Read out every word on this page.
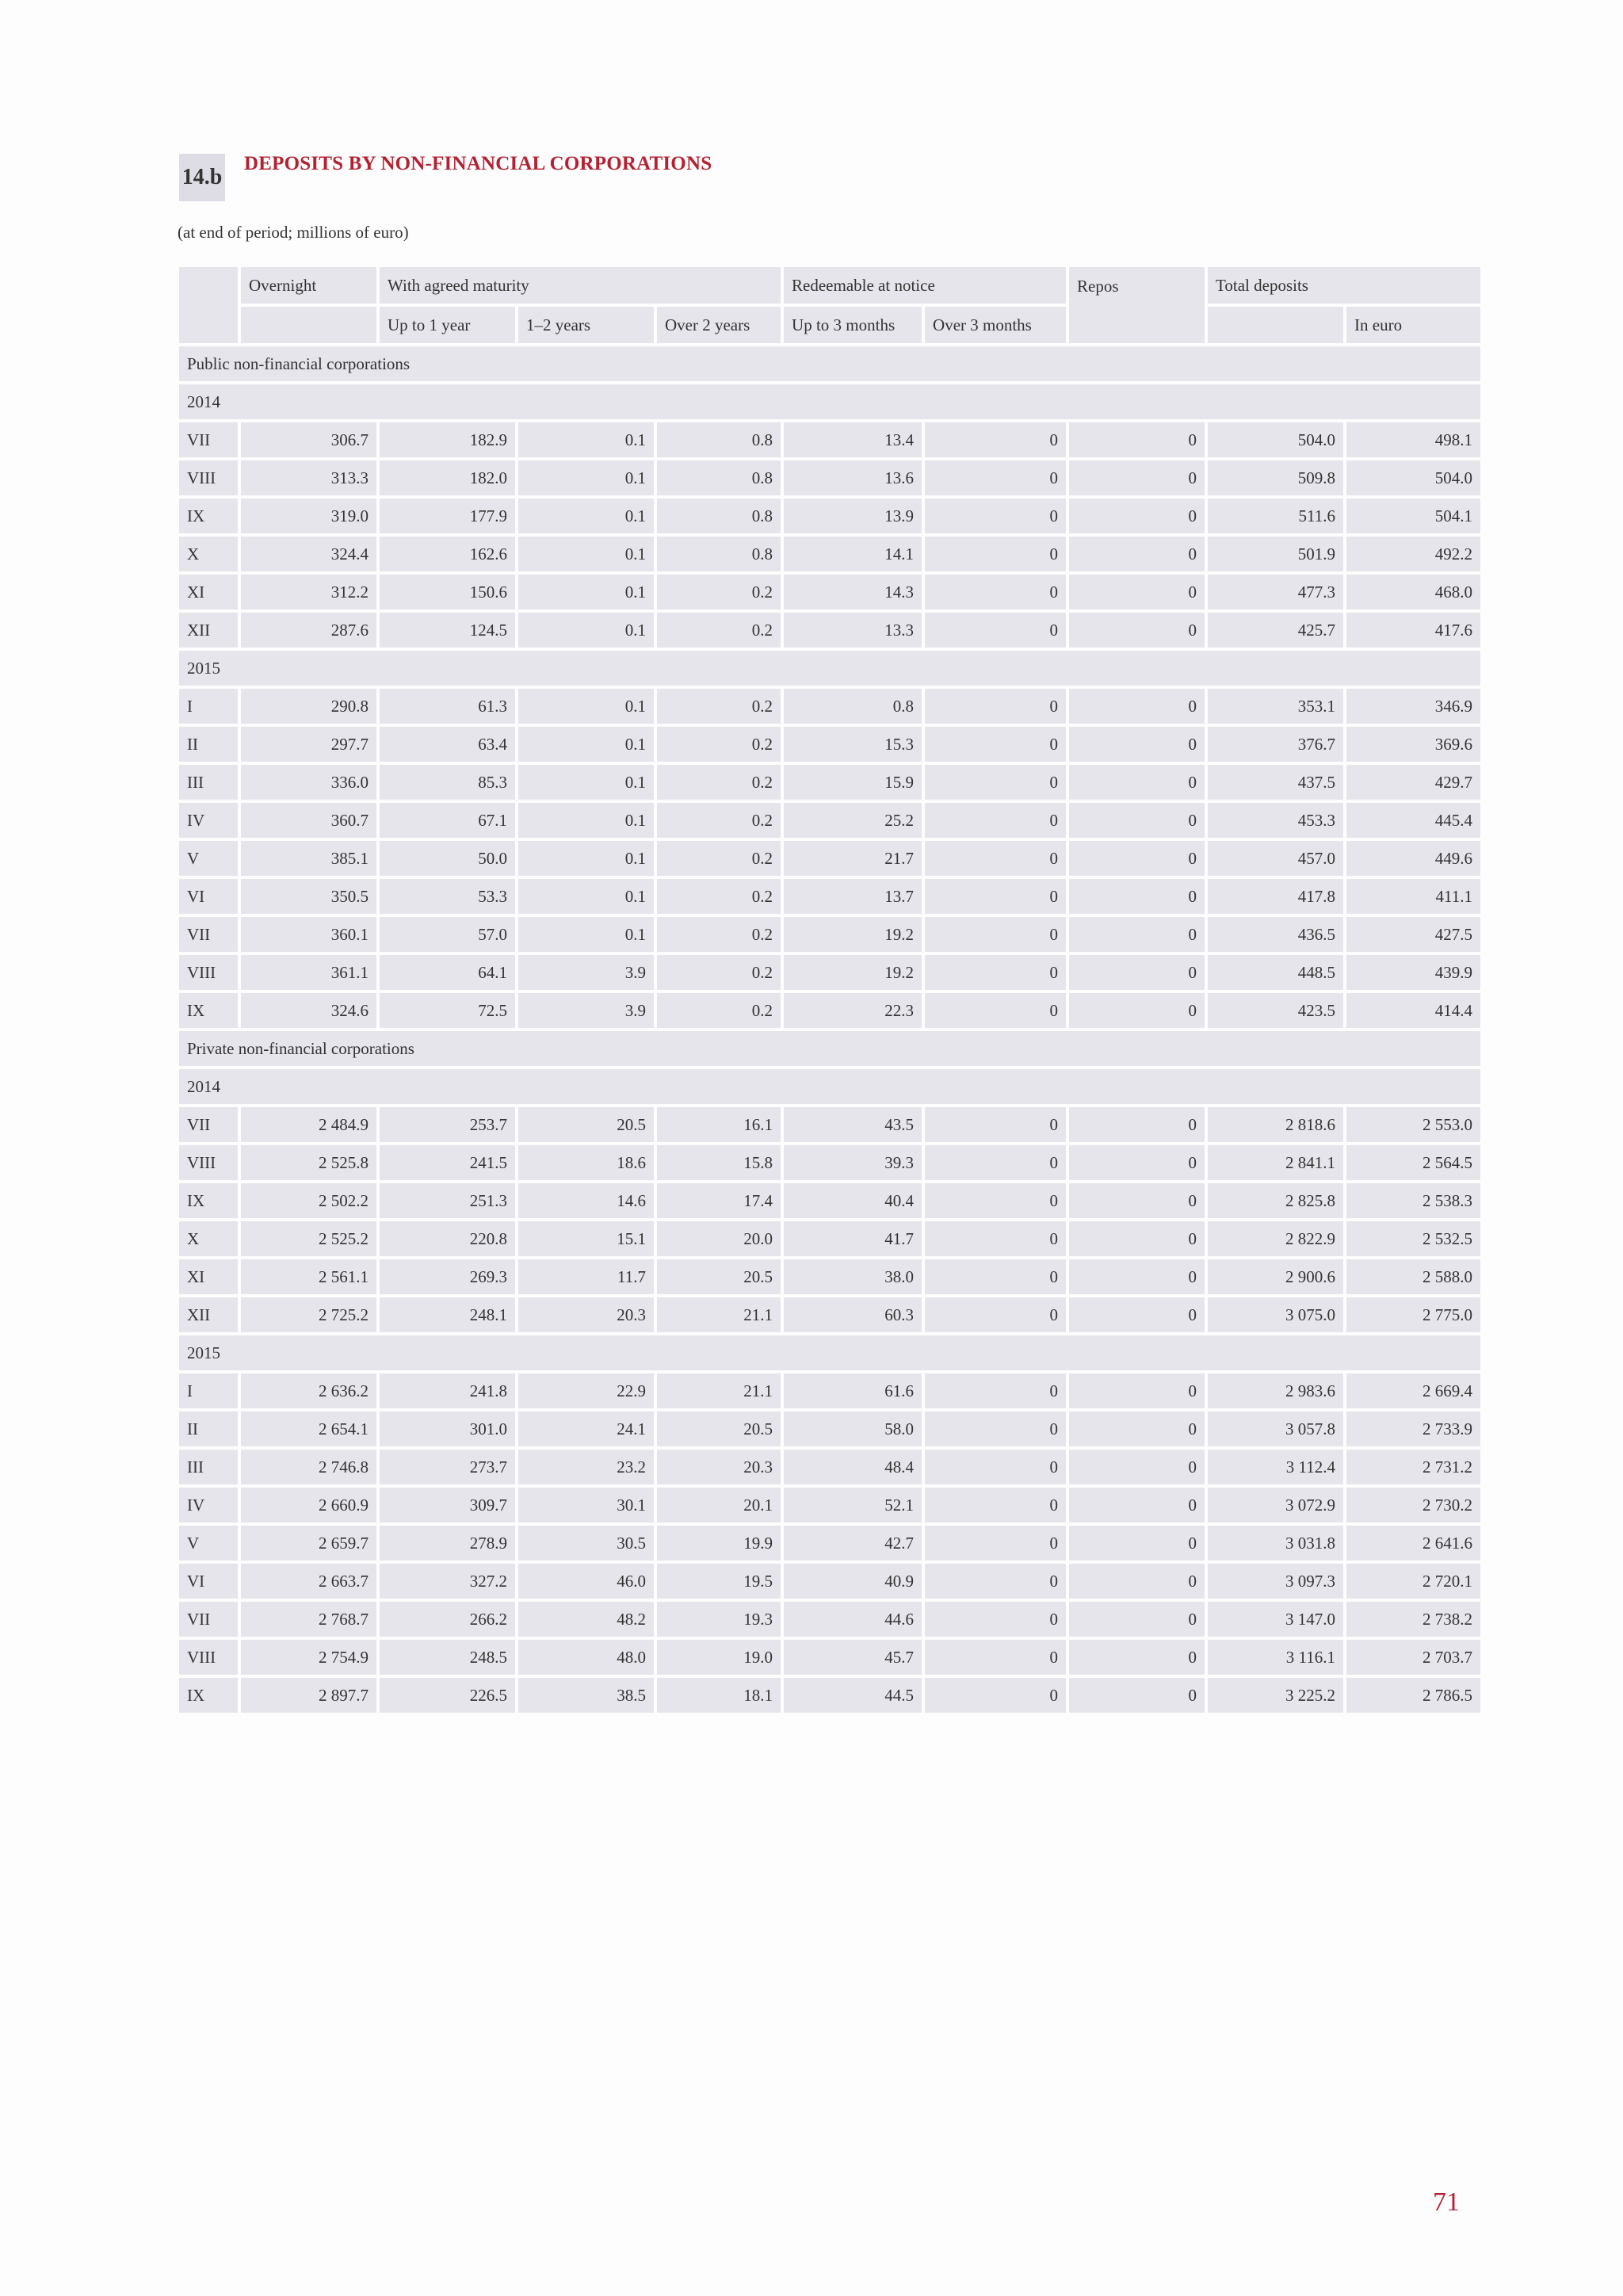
14.b
DEPOSITS BY NON-FINANCIAL CORPORATIONS
(at end of period; millions of euro)
	Overnight	With agreed maturity			Redeemable at notice		Repos	Total deposits	
		Up to 1 year	1–2 years	Over 2 years	Up to 3 months	Over 3 months			In euro
Public non-financial corporations									
2014									
VII	306.7	182.9	0.1	0.8	13.4	0	0	504.0	498.1
VIII	313.3	182.0	0.1	0.8	13.6	0	0	509.8	504.0
IX	319.0	177.9	0.1	0.8	13.9	0	0	511.6	504.1
X	324.4	162.6	0.1	0.8	14.1	0	0	501.9	492.2
XI	312.2	150.6	0.1	0.2	14.3	0	0	477.3	468.0
XII	287.6	124.5	0.1	0.2	13.3	0	0	425.7	417.6
2015									
I	290.8	61.3	0.1	0.2	0.8	0	0	353.1	346.9
II	297.7	63.4	0.1	0.2	15.3	0	0	376.7	369.6
III	336.0	85.3	0.1	0.2	15.9	0	0	437.5	429.7
IV	360.7	67.1	0.1	0.2	25.2	0	0	453.3	445.4
V	385.1	50.0	0.1	0.2	21.7	0	0	457.0	449.6
VI	350.5	53.3	0.1	0.2	13.7	0	0	417.8	411.1
VII	360.1	57.0	0.1	0.2	19.2	0	0	436.5	427.5
VIII	361.1	64.1	3.9	0.2	19.2	0	0	448.5	439.9
IX	324.6	72.5	3.9	0.2	22.3	0	0	423.5	414.4
Private non-financial corporations									
2014									
VII	2 484.9	253.7	20.5	16.1	43.5	0	0	2 818.6	2 553.0
VIII	2 525.8	241.5	18.6	15.8	39.3	0	0	2 841.1	2 564.5
IX	2 502.2	251.3	14.6	17.4	40.4	0	0	2 825.8	2 538.3
X	2 525.2	220.8	15.1	20.0	41.7	0	0	2 822.9	2 532.5
XI	2 561.1	269.3	11.7	20.5	38.0	0	0	2 900.6	2 588.0
XII	2 725.2	248.1	20.3	21.1	60.3	0	0	3 075.0	2 775.0
2015									
I	2 636.2	241.8	22.9	21.1	61.6	0	0	2 983.6	2 669.4
II	2 654.1	301.0	24.1	20.5	58.0	0	0	3 057.8	2 733.9
III	2 746.8	273.7	23.2	20.3	48.4	0	0	3 112.4	2 731.2
IV	2 660.9	309.7	30.1	20.1	52.1	0	0	3 072.9	2 730.2
V	2 659.7	278.9	30.5	19.9	42.7	0	0	3 031.8	2 641.6
VI	2 663.7	327.2	46.0	19.5	40.9	0	0	3 097.3	2 720.1
VII	2 768.7	266.2	48.2	19.3	44.6	0	0	3 147.0	2 738.2
VIII	2 754.9	248.5	48.0	19.0	45.7	0	0	3 116.1	2 703.7
IX	2 897.7	226.5	38.5	18.1	44.5	0	0	3 225.2	2 786.5
71
